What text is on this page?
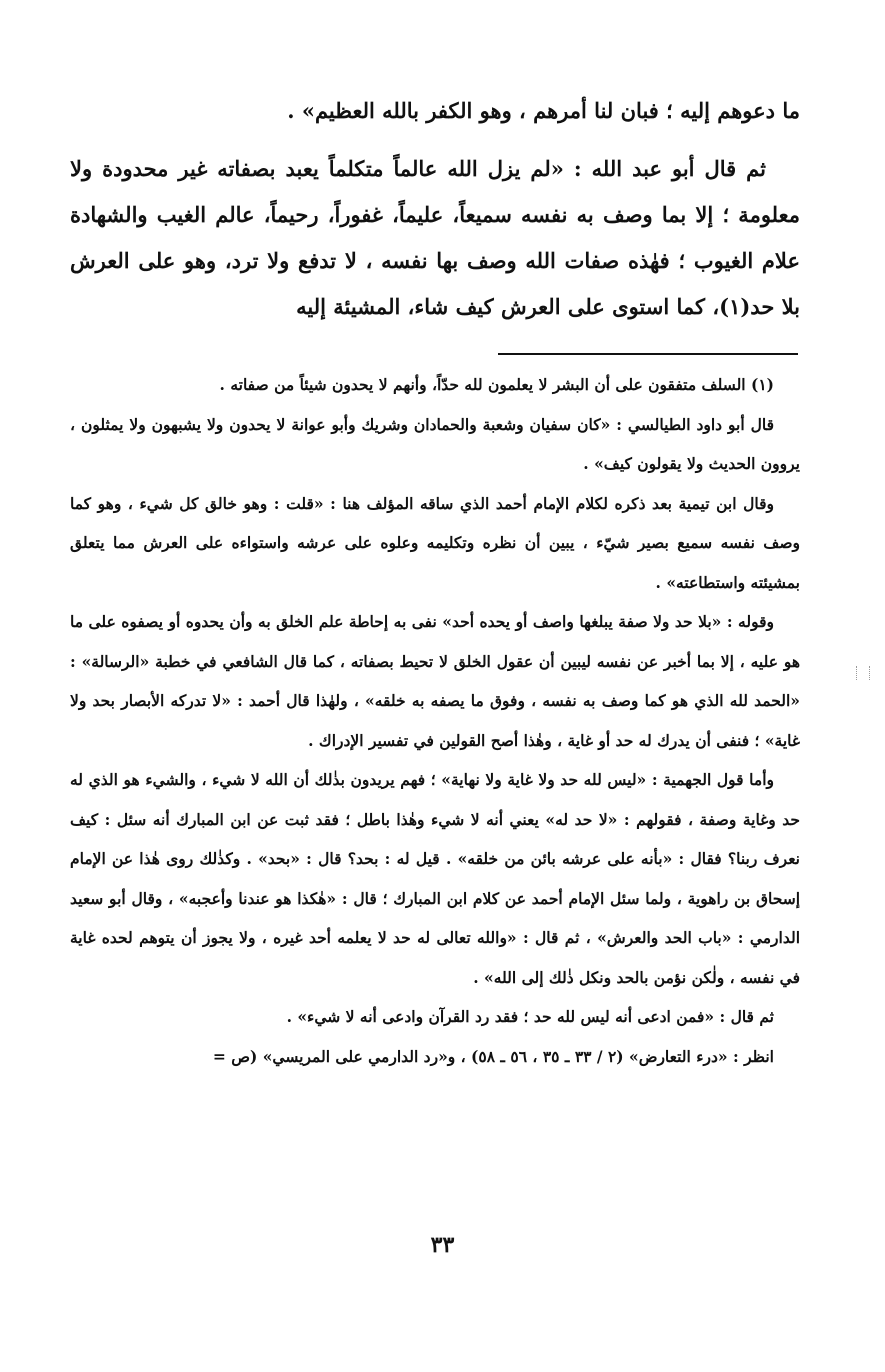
ما دعوهم إليه ؛ فبان لنا أمرهم ، وهو الكفر بالله العظيم» .

ثم قال أبو عبد الله : «لم يزل الله عالماً متكلماً يعبد بصفاته غير محدودة ولا معلومة ؛ إلا بما وصف به نفسه سميعاً، عليماً، غفوراً، رحيماً، عالم الغيب والشهادة علام الغيوب ؛ فهٰذه صفات الله وصف بها نفسه ، لا تدفع ولا ترد، وهو على العرش بلا حد(١)، كما استوى على العرش كيف شاء، المشيئة إليه

(١) السلف متفقون على أن البشر لا يعلمون لله حدّاً، وأنهم لا يحدون شيئاً من صفاته .

قال أبو داود الطيالسي : «كان سفيان وشعبة والحمادان وشريك وأبو عوانة لا يحدون ولا يشبهون ولا يمثلون ، يروون الحديث ولا يقولون كيف» .

وقال ابن تيمية بعد ذكره لكلام الإمام أحمد الذي ساقه المؤلف هنا : «قلت : وهو خالق كل شيء ، وهو كما وصف نفسه سميع بصير شيّء ، يبين أن نظره وتكليمه وعلوه على عرشه واستواءه على العرش مما يتعلق بمشيئته واستطاعته» .

وقوله : «بلا حد ولا صفة يبلغها واصف أو يحده أحد» نفى به إحاطة علم الخلق به وأن يحدوه أو يصفوه على ما هو عليه ، إلا بما أخبر عن نفسه ليبين أن عقول الخلق لا تحيط بصفاته ، كما قال الشافعي في خطبة «الرسالة» : «الحمد لله الذي هو كما وصف به نفسه ، وفوق ما يصفه به خلقه» ، ولهٰذا قال أحمد : «لا تدركه الأبصار بحد ولا غاية» ؛ فنفى أن يدرك له حد أو غاية ، وهٰذا أصح القولين في تفسير الإدراك .

وأما قول الجهمية : «ليس لله حد ولا غاية ولا نهاية» ؛ فهم يريدون بذٰلك أن الله لا شيء ، والشيء هو الذي له حد وغاية وصفة ، فقولهم : «لا حد له» يعني أنه لا شيء وهٰذا باطل ؛ فقد ثبت عن ابن المبارك أنه سئل : كيف نعرف ربنا؟ فقال : «بأنه على عرشه بائن من خلقه» . قيل له : بحد؟ قال : «بحد» . وكذٰلك روى هٰذا عن الإمام إسحاق بن راهوية ، ولما سئل الإمام أحمد عن كلام ابن المبارك ؛ قال : «هٰكذا هو عندنا وأعجبه» ، وقال أبو سعيد الدارمي : «باب الحد والعرش» ، ثم قال : «والله تعالى له حد لا يعلمه أحد غيره ، ولا يجوز أن يتوهم لحده غاية في نفسه ، ولٰكن نؤمن بالحد ونكل ذٰلك إلى الله» .

ثم قال : «فمن ادعى أنه ليس لله حد ؛ فقد رد القرآن وادعى أنه لا شيء» .

انظر : «درء التعارض» (٢ / ٣٣ ـ ٣٥ ، ٥٦ ـ ٥٨) ، و«رد الدارمي على المريسي» (ص =

٣٣
